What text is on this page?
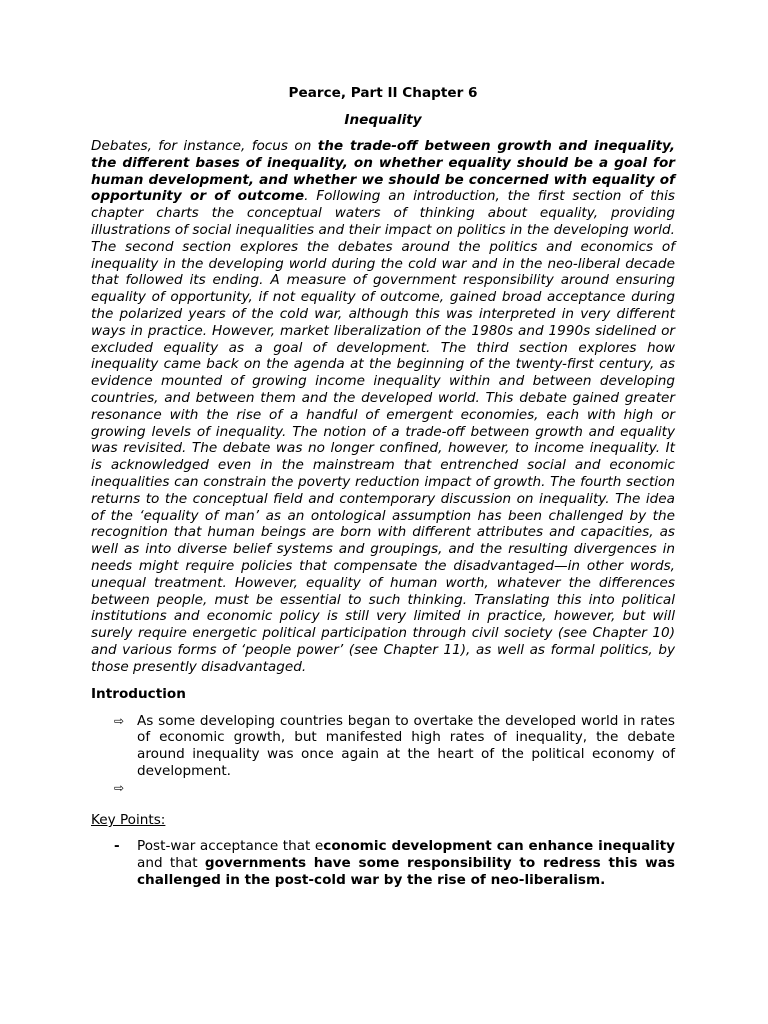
Pearce, Part II Chapter 6

Inequality

Debates, for instance, focus on the trade-off between growth and inequality, the different bases of inequality, on whether equality should be a goal for human development, and whether we should be concerned with equality of opportunity or of outcome. Following an introduction, the first section of this chapter charts the conceptual waters of thinking about equality, providing illustrations of social inequalities and their impact on politics in the developing world. The second section explores the debates around the politics and economics of inequality in the developing world during the cold war and in the neo-liberal decade that followed its ending. A measure of government responsibility around ensuring equality of opportunity, if not equality of outcome, gained broad acceptance during the polarized years of the cold war, although this was interpreted in very different ways in practice. However, market liberalization of the 1980s and 1990s sidelined or excluded equality as a goal of development. The third section explores how inequality came back on the agenda at the beginning of the twenty-first century, as evidence mounted of growing income inequality within and between developing countries, and between them and the developed world. This debate gained greater resonance with the rise of a handful of emergent economies, each with high or growing levels of inequality. The notion of a trade-off between growth and equality was revisited. The debate was no longer confined, however, to income inequality. It is acknowledged even in the mainstream that entrenched social and economic inequalities can constrain the poverty reduction impact of growth. The fourth section returns to the conceptual field and contemporary discussion on inequality. The idea of the ‘equality of man’ as an ontological assumption has been challenged by the recognition that human beings are born with different attributes and capacities, as well as into diverse belief systems and groupings, and the resulting divergences in needs might require policies that compensate the disadvantaged—in other words, unequal treatment. However, equality of human worth, whatever the differences between people, must be essential to such thinking. Translating this into political institutions and economic policy is still very limited in practice, however, but will surely require energetic political participation through civil society (see Chapter 10) and various forms of ‘people power’ (see Chapter 11), as well as formal politics, by those presently disadvantaged.

Introduction

⇨ As some developing countries began to overtake the developed world in rates of economic growth, but manifested high rates of inequality, the debate around inequality was once again at the heart of the political economy of development.
⇨

Key Points:

- Post-war acceptance that economic development can enhance inequality and that governments have some responsibility to redress this was challenged in the post-cold war by the rise of neo-liberalism.
